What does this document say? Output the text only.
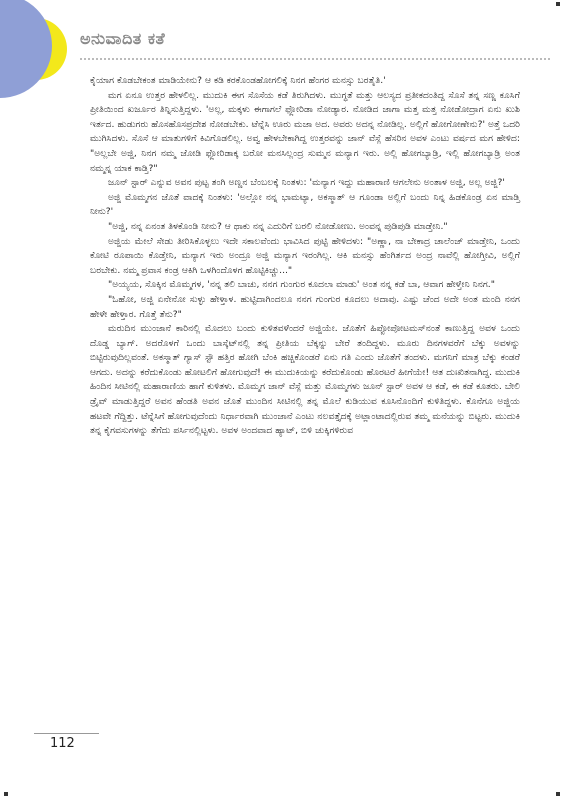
ಅನುವಾದಿತ ಕತೆ

ಕೈಯಾಗ ಕೊಡಬೇಕಂತ ಮಾಡಿಯೇನು? ಆ ಕಡಿ ಕರಕೊಂಡಹೋಗಲಿಕ್ಕೆ ನಿನಗ ಹೆಂಗರ ಮನಸ್ಸು ಬರತೈತಿ.'

ಮಗ ಏನೂ ಉತ್ತರ ಹೇಳಲಿಲ್ಲ. ಮುದುಕಿ ಈಗ ಸೊಸೆಯ ಕಡೆ ತಿರುಗಿದಳು. ಮುಗ್ಧತೆ ಮತ್ತು ಆಲಸ್ಯದ ಪ್ರತೀಕದಂತಿದ್ದ ಸೊಸೆ ತನ್ನ ಸಣ್ಣ ಕೂಸಿಗೆ ಪ್ರೀತಿಯಿಂದ ಖರ್ಜೂರ ತಿನ್ನಿಸುತ್ತಿದ್ದಳು. 'ಅಲ್ಲ, ಮಕ್ಕಳು ಈಗಾಗಲೆ ಫ್ಲೋರಿಡಾ ನೋಡ್ಯಾರ. ನೋಡಿದ ಜಾಗಾ ಮತ್ತ ಮತ್ತ ನೋಡೋದ್ರಾಗ ಏನು ಖುಶಿ ಇರ್ತದ. ಹುಡುಗರು ಹೊಸಹೊಸಪ್ರದೇಶ ನೋಡಬೇಕು. ಟೆನ್ನೆಸಿ ಊರು ಮಜಾ ಅದ. ಅವರು ಅದನ್ನ ನೋಡಿಲ್ಲ. ಅಲ್ಲಿಗೆ ಹೋಗೋಣೇನು?' ಅತ್ತೆ ಒದರಿ ಮುಗಿಸಿದಳು. ಸೊಸೆ ಆ ಮಾತುಗಳಿಗೆ ಕಿವಿಗೊಡಲಿಲ್ಲ. ಅವ್ವ ಹೇಳಬೇಕಾಗಿದ್ದ ಉತ್ತರವನ್ನು ಜಾನ್ ವೆಸ್ಲೆ ಹೆಸರಿನ ಅವಳ ಎಂಟು ವರ್ಷದ ಮಗ ಹೇಳಿದ: "ಅಲ್ಲಬೇ ಅಜ್ಜಿ, ನಿನಗ ನಮ್ಮ ಜೋಡಿ ಫ್ಲೋರಿಡಾಕ್ಕ ಬರೋ ಮನಸಿಲ್ಲಂದ್ರ ಸುಮ್ಮನ ಮನ್ಯಾಗ ಇರು. ಅಲ್ಲಿ ಹೋಗಬ್ಯಾಡ್ರಿ, ಇಲ್ಲಿ ಹೋಗಬ್ಯಾಡ್ರಿ ಅಂತ ನಮ್ಮನ್ನ ಯಾಕ ಕಾಡ್ತಿ?"

ಜೂನ್ ಸ್ಟಾರ್ ಎನ್ನುವ ಅವನ ಪುಟ್ಟ ತಂಗಿ ಅಣ್ಣನ ಬೆಂಬಲಕ್ಕೆ ನಿಂತಳು: 'ಮನ್ಯಾಗ ಇದ್ದು ಮಹಾರಾಣಿ ಆಗಲೇನು ಅಂತಾಳ ಅಜ್ಜಿ, ಅಲ್ಲ ಅಜ್ಜಿ?'

ಅಜ್ಜಿ ಮೊಮ್ಮಗನ ಜೊತೆ ವಾದಕ್ಕೆ ನಿಂತಳು: 'ಅಲ್ಲೋ ನನ್ನ ಭಾಮಟ್ಯಾ, ಅಕಸ್ಮಾತ್ ಆ ಗೂಂಡಾ ಅಲ್ಲಿಗೆ ಬಂದು ನಿನ್ನ ಹಿಡಕೊಂಡ್ರ ಏನ ಮಾಡ್ತಿ ನೀನು?'

"ಅಜ್ಜಿ, ನನ್ನ ಏನಂತ ತಿಳಕೊಂಡಿ ನೀನು? ಆ ಥಾಕು ನನ್ನ ಎದುರಿಗೆ ಬರಲಿ ನೋಡೋಣು. ಅಂವನ್ನ ಪುಡಿಪುಡಿ ಮಾಡ್ತೇನಿ."

ಅಜ್ಜಿಯ ಮೇಲೆ ಸೇಡು ತೀರಿಸಿಕೊಳ್ಳಲು ಇದೇ ಸಕಾಲವೆಂದು ಭಾವಿಸಿದ ಪುಟ್ಟಿ ಹೇಳಿದಳು: "ಅಣ್ಣಾ, ನಾ ಬೇಕಾದ್ರ ಚಾಲೆಂಜ್ ಮಾಡ್ತೇನಿ, ಒಂದು ಕೋಟಿ ರೂಪಾಯಿ ಕೊಡ್ತೇನಿ, ಮನ್ಯಾಗ ಇರು ಅಂದ್ರೂ ಅಜ್ಜಿ ಮನ್ಯಾಗ ಇರಂಗಿಲ್ಲ. ಆಕಿ ಮನಸ್ಸು ಹೆಂಗಿರ್ತದ ಅಂದ್ರ ನಾವೆಲ್ಲಿ ಹೋಗ್ತೀವಿ, ಅಲ್ಲಿಗೆ ಬರಬೇಕು. ನಮ್ಮ ಪ್ರವಾಸ ಕಂಡ್ರ ಆಕಿಗಿ ಒಳಗಿಂದೊಳಗ ಹೊಟ್ಟಿಕಿಚ್ಚು..."

"ಅಯ್ಯಯ, ಸೊಕ್ಕಿನ ಮೊಮ್ಮಗಳ, 'ನನ್ನ ತಲಿ ಬಾಚು, ನನಗ ಗುಂಗುರ ಕೂದಲಾ ಮಾಡು' ಅಂತ ನನ್ನ ಕಡೆ ಬಾ, ಆವಾಗ ಹೇಳ್ತೇನಿ ನಿನಗ."

"ಓಹೋ, ಅಜ್ಜಿ ಏನೇನೋ ಸುಳ್ಳು ಹೇಳ್ತಾಳ. ಹುಟ್ಟಿದಾಗಿಂದಲೂ ನನಗ ಗುಂಗುರ ಕೂದಲು ಅದಾವು. ಎಷ್ಟು ಚೆಂದ ಅದೇ ಅಂತ ಮಂದಿ ನನಗ ಹೇಳೇ ಹೇಳ್ತಾರ. ಗೊತ್ತೆ ತೆನು?"

ಮರುದಿನ ಮುಂಜಾನೆ ಕಾರಿನಲ್ಲಿ ಮೊದಲು ಬಂದು ಕುಳಿತವಳೆಂದರೆ ಅಜ್ಜಿಯೇ. ಜೊತೆಗೆ ಹಿಪ್ಪೋಪೋಟಮಸ್‌ನಂತೆ ಕಾಣುತ್ತಿದ್ದ ಅವಳ ಒಂದು ದೊಡ್ಡ ಬ್ಯಾಗ್. ಅದರೊಳಗೆ ಒಂದು ಬಾಸ್ಕೆಟ್‌ನಲ್ಲಿ ತನ್ನ ಪ್ರೀತಿಯ ಬೆಕ್ಕನ್ನು ಬೇರೆ ತಂದಿದ್ದಳು. ಮೂರು ದಿನಗಳವರೆಗೆ ಬೆಕ್ಕು ಅವಳನ್ನು ಬಿಟ್ಟಿರುವುದಿಲ್ಲವಂತೆ. ಅಕಸ್ಮಾತ್ ಗ್ಯಾಸ್ ಸ್ಟೌ ಹತ್ತಿರ ಹೋಗಿ ಬೆಂಕಿ ಹಚ್ಚಿಕೊಂಡರೆ ಏನು ಗತಿ ಎಂದು ಜೊತೆಗೆ ತಂದಳು. ಮಗನಿಗೆ ಮಾತ್ರ ಬೆಕ್ಕು ಕಂಡರೆ ಆಗದು. ಅದನ್ನು ಕರೆದುಕೊಂಡು ಹೋಟಲಿಗೆ ಹೋಗುವುದೆ! ಈ ಮುದುಕಿಯನ್ನು ಕರೆದುಕೊಂಡು ಹೊರಟರೆ ಹೀಗೆಯೇ! ಆತ ದುಃಖಿತನಾಗಿದ್ದ. ಮುದುಕಿ ಹಿಂದಿನ ಸೀಟಿನಲ್ಲಿ ಮಹಾರಾಣಿಯ ಹಾಗೆ ಕುಳಿತಳು. ಮೊಮ್ಮಗ ಜಾನ್ ವೆಸ್ಲೆ ಮತ್ತು ಮೊಮ್ಮಗಳು ಜೂನ್ ಸ್ಟಾರ್ ಅವಳ ಆ ಕಡೆ, ಈ ಕಡೆ ಕೂತರು. ಬೇಲಿ ಡ್ರೈವ್ ಮಾಡುತ್ತಿದ್ದರೆ ಅವನ ಹೆಂಡತಿ ಅವನ ಜೊತೆ ಮುಂದಿನ ಸೀಟಿನಲ್ಲಿ ತನ್ನ ಮೊಲೆ ಕುಡಿಯುವ ಕೂಸಿನೊಂದಿಗೆ ಕುಳಿತಿದ್ದಳು. ಕೊನೆಗೂ ಅಜ್ಜಿಯ ಹಟವೇ ಗೆದ್ದಿತ್ತು. ಟೆನ್ನೆಸಿಗೆ ಹೋಗುವುದೆಂದು ನಿರ್ಧಾರವಾಗಿ ಮುಂಜಾನೆ ಎಂಟು ನಲವತ್ತೈದಕ್ಕೆ ಅಟ್ಲಾಂಟಾದಲ್ಲಿರುವ ತಮ್ಮ ಮನೆಯನ್ನು ಬಿಟ್ಟರು. ಮುದುಕಿ ತನ್ನ ಕೈಗವಸುಗಳನ್ನು ತೆಗೆದು ಪರ್ಸಿನಲ್ಲಿಟ್ಟಳು. ಅವಳ ಅಂದವಾದ ಹ್ಯಾಟ್, ಬಿಳಿ ಚುಕ್ಕಿಗಳಿರುವ

112
